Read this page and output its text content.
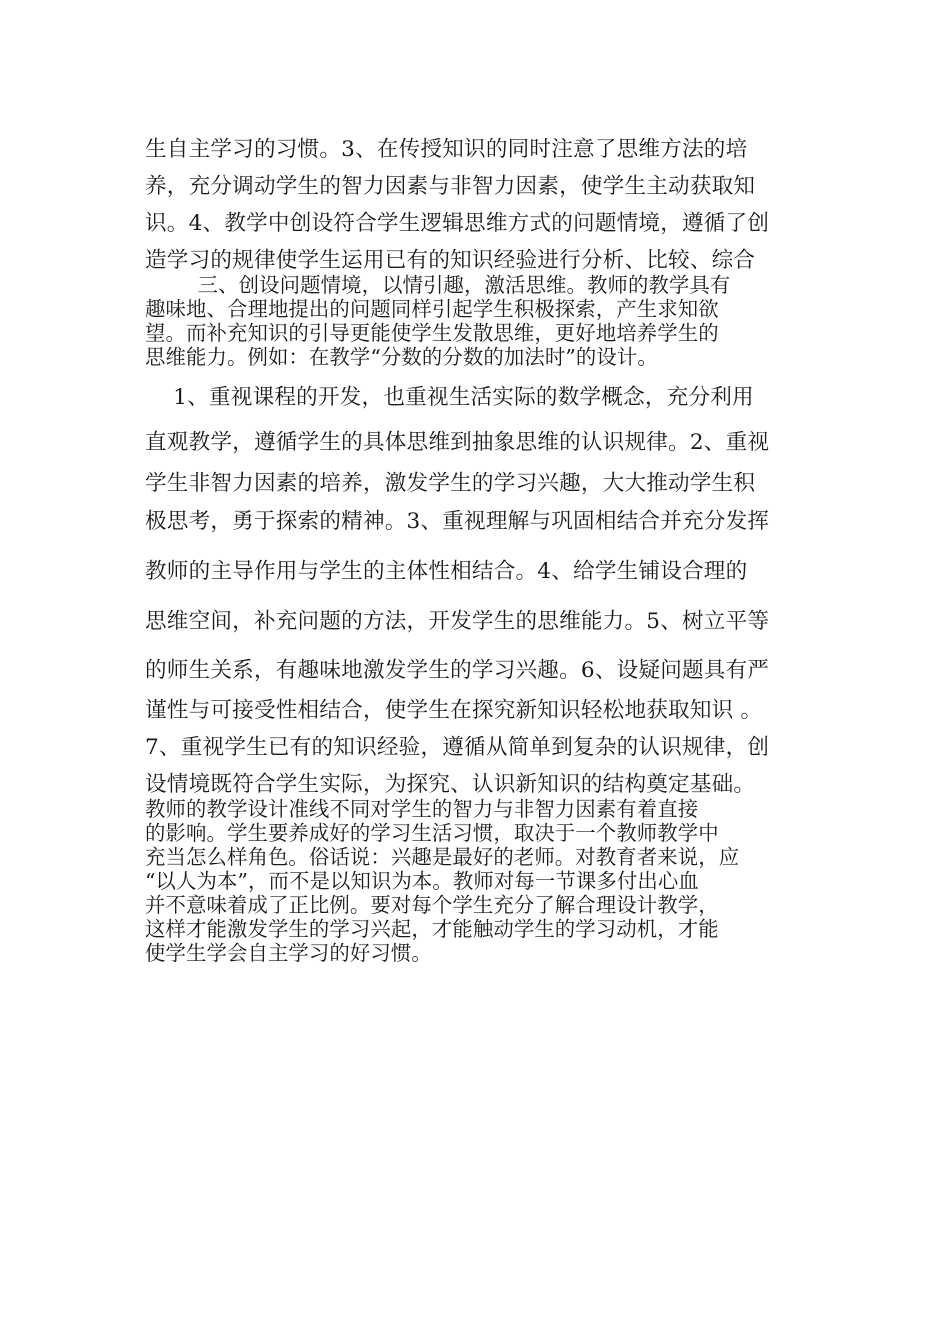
生自主学习的习惯。3、在传授知识的同时注意了思维方法的培

养，充分调动学生的智力因素与非智力因素，使学生主动获取知

识。4、教学中创设符合学生逻辑思维方式的问题情境，遵循了创

造学习的规律使学生运用已有的知识经验进行分析、比较、综合

三、创设问题情境，以情引趣，激活思维。教师的教学具有

趣味地、合理地提出的问题同样引起学生积极探索，产生求知欲

望。而补充知识的引导更能使学生发散思维，更好地培养学生的

思维能力。例如：在教学“分数的分数的加法时”的设计。

1、重视课程的开发，也重视生活实际的数学概念，充分利用

直观教学，遵循学生的具体思维到抽象思维的认识规律。2、重视

学生非智力因素的培养，激发学生的学习兴趣，大大推动学生积

极思考，勇于探索的精神。3、重视理解与巩固相结合并充分发挥

教师的主导作用与学生的主体性相结合。4、给学生铺设合理的

思维空间，补充问题的方法，开发学生的思维能力。5、树立平等

的师生关系，有趣味地激发学生的学习兴趣。6、设疑问题具有严

谨性与可接受性相结合，使学生在探究新知识轻松地获取知识 。

7、重视学生已有的知识经验，遵循从简单到复杂的认识规律，创

设情境既符合学生实际，为探究、认识新知识的结构奠定基础。

教师的教学设计准线不同对学生的智力与非智力因素有着直接

的影响。学生要养成好的学习生活习惯，取决于一个教师教学中

充当怎么样角色。俗话说：兴趣是最好的老师。对教育者来说，应

“以人为本”，而不是以知识为本。教师对每一节课多付出心血

并不意味着成了正比例。要对每个学生充分了解合理设计教学，

这样才能激发学生的学习兴起，才能触动学生的学习动机，才能

使学生学会自主学习的好习惯。
